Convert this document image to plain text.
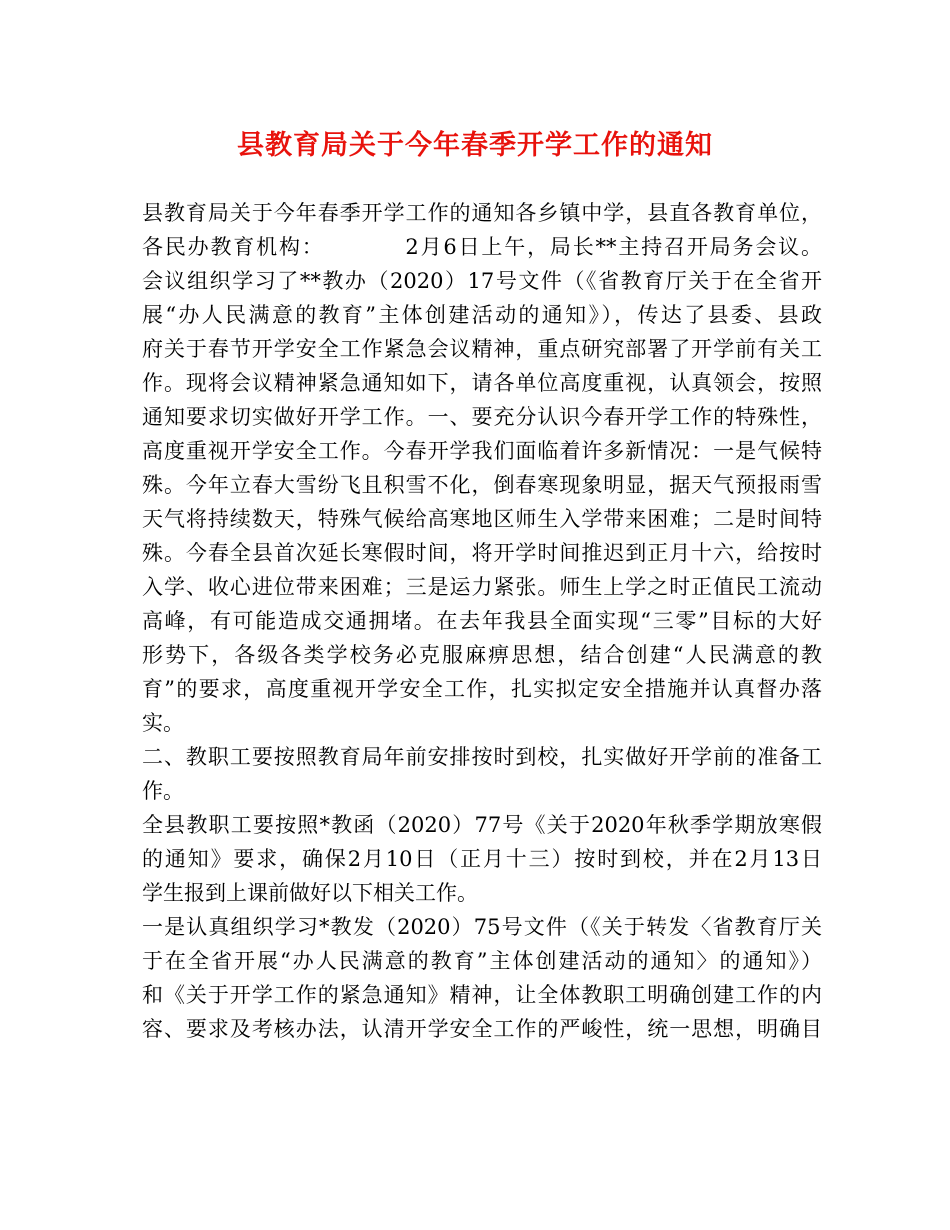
县教育局关于今年春季开学工作的通知
县教育局关于今年春季开学工作的通知各乡镇中学，县直各教育单位，
各民办教育机构：　　　　2月6日上午，局长**主持召开局务会议。
会议组织学习了**教办（2020）17号文件（《省教育厅关于在全省开
展“办人民满意的教育”主体创建活动的通知》），传达了县委、县政
府关于春节开学安全工作紧急会议精神，重点研究部署了开学前有关工
作。现将会议精神紧急通知如下，请各单位高度重视，认真领会，按照
通知要求切实做好开学工作。一、要充分认识今春开学工作的特殊性，
高度重视开学安全工作。今春开学我们面临着许多新情况：一是气候特
殊。今年立春大雪纷飞且积雪不化，倒春寒现象明显，据天气预报雨雪
天气将持续数天，特殊气候给高寒地区师生入学带来困难；二是时间特
殊。今春全县首次延长寒假时间，将开学时间推迟到正月十六，给按时
入学、收心进位带来困难；三是运力紧张。师生上学之时正值民工流动
高峰，有可能造成交通拥堵。在去年我县全面实现“三零”目标的大好
形势下，各级各类学校务必克服麻痹思想，结合创建“人民满意的教
育”的要求，高度重视开学安全工作，扎实拟定安全措施并认真督办落
实。
二、教职工要按照教育局年前安排按时到校，扎实做好开学前的准备工
作。
全县教职工要按照*教函（2020）77号《关于2020年秋季学期放寒假
的通知》要求，确保2月10日（正月十三）按时到校，并在2月13日
学生报到上课前做好以下相关工作。
一是认真组织学习*教发（2020）75号文件（《关于转发〈省教育厅关
于在全省开展“办人民满意的教育”主体创建活动的通知〉的通知》）
和《关于开学工作的紧急通知》精神，让全体教职工明确创建工作的内
容、要求及考核办法，认清开学安全工作的严峻性，统一思想，明确目
